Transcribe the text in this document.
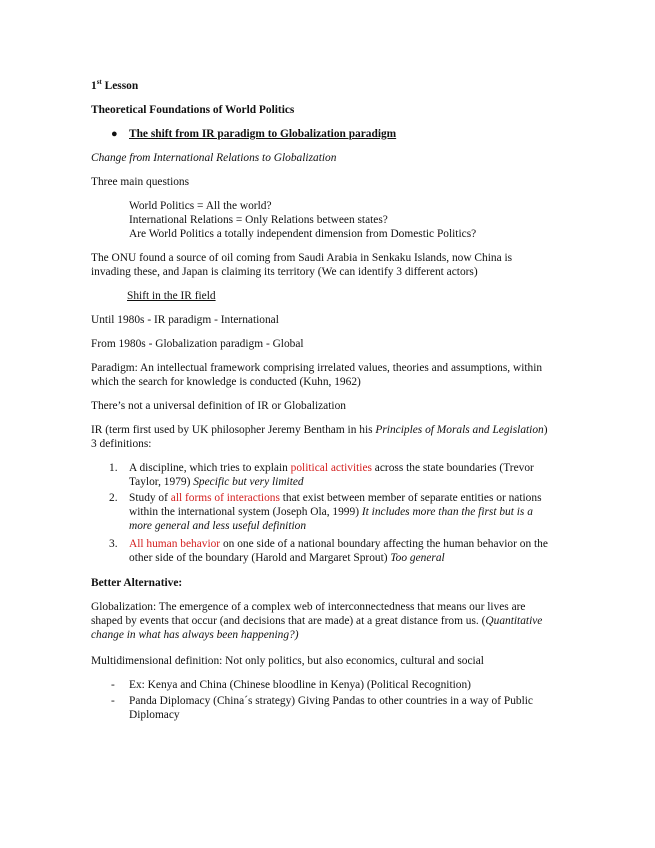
1st Lesson

Theoretical Foundations of World Politics

● The shift from IR paradigm to Globalization paradigm

Change from International Relations to Globalization

Three main questions

World Politics = All the world?

International Relations = Only Relations between states?

Are World Politics a totally independent dimension from Domestic Politics?

The ONU found a source of oil coming from Saudi Arabia in Senkaku Islands, now China is

invading these, and Japan is claiming its territory (We can identify 3 different actors)

Shift in the IR field

Until 1980s - IR paradigm - International

From 1980s - Globalization paradigm - Global

Paradigm: An intellectual framework comprising irrelated values, theories and assumptions, within

which the search for knowledge is conducted (Kuhn, 1962)

There’s not a universal definition of IR or Globalization

IR (term first used by UK philosopher Jeremy Bentham in his Principles of Morals and Legislation)

3 definitions:

1. A discipline, which tries to explain political activities across the state boundaries (Trevor

Taylor, 1979) Specific but very limited

2. Study of all forms of interactions that exist between member of separate entities or nations

within the international system (Joseph Ola, 1999) It includes more than the first but is a

more general and less useful definition

3. All human behavior on one side of a national boundary affecting the human behavior on the

other side of the boundary (Harold and Margaret Sprout) Too general

Better Alternative:

Globalization: The emergence of a complex web of interconnectedness that means our lives are

shaped by events that occur (and decisions that are made) at a great distance from us. (Quantitative

change in what has always been happening?)

Multidimensional definition: Not only politics, but also economics, cultural and social

- Ex: Kenya and China (Chinese bloodline in Kenya) (Political Recognition)

- Panda Diplomacy (China´s strategy) Giving Pandas to other countries in a way of Public

Diplomacy
